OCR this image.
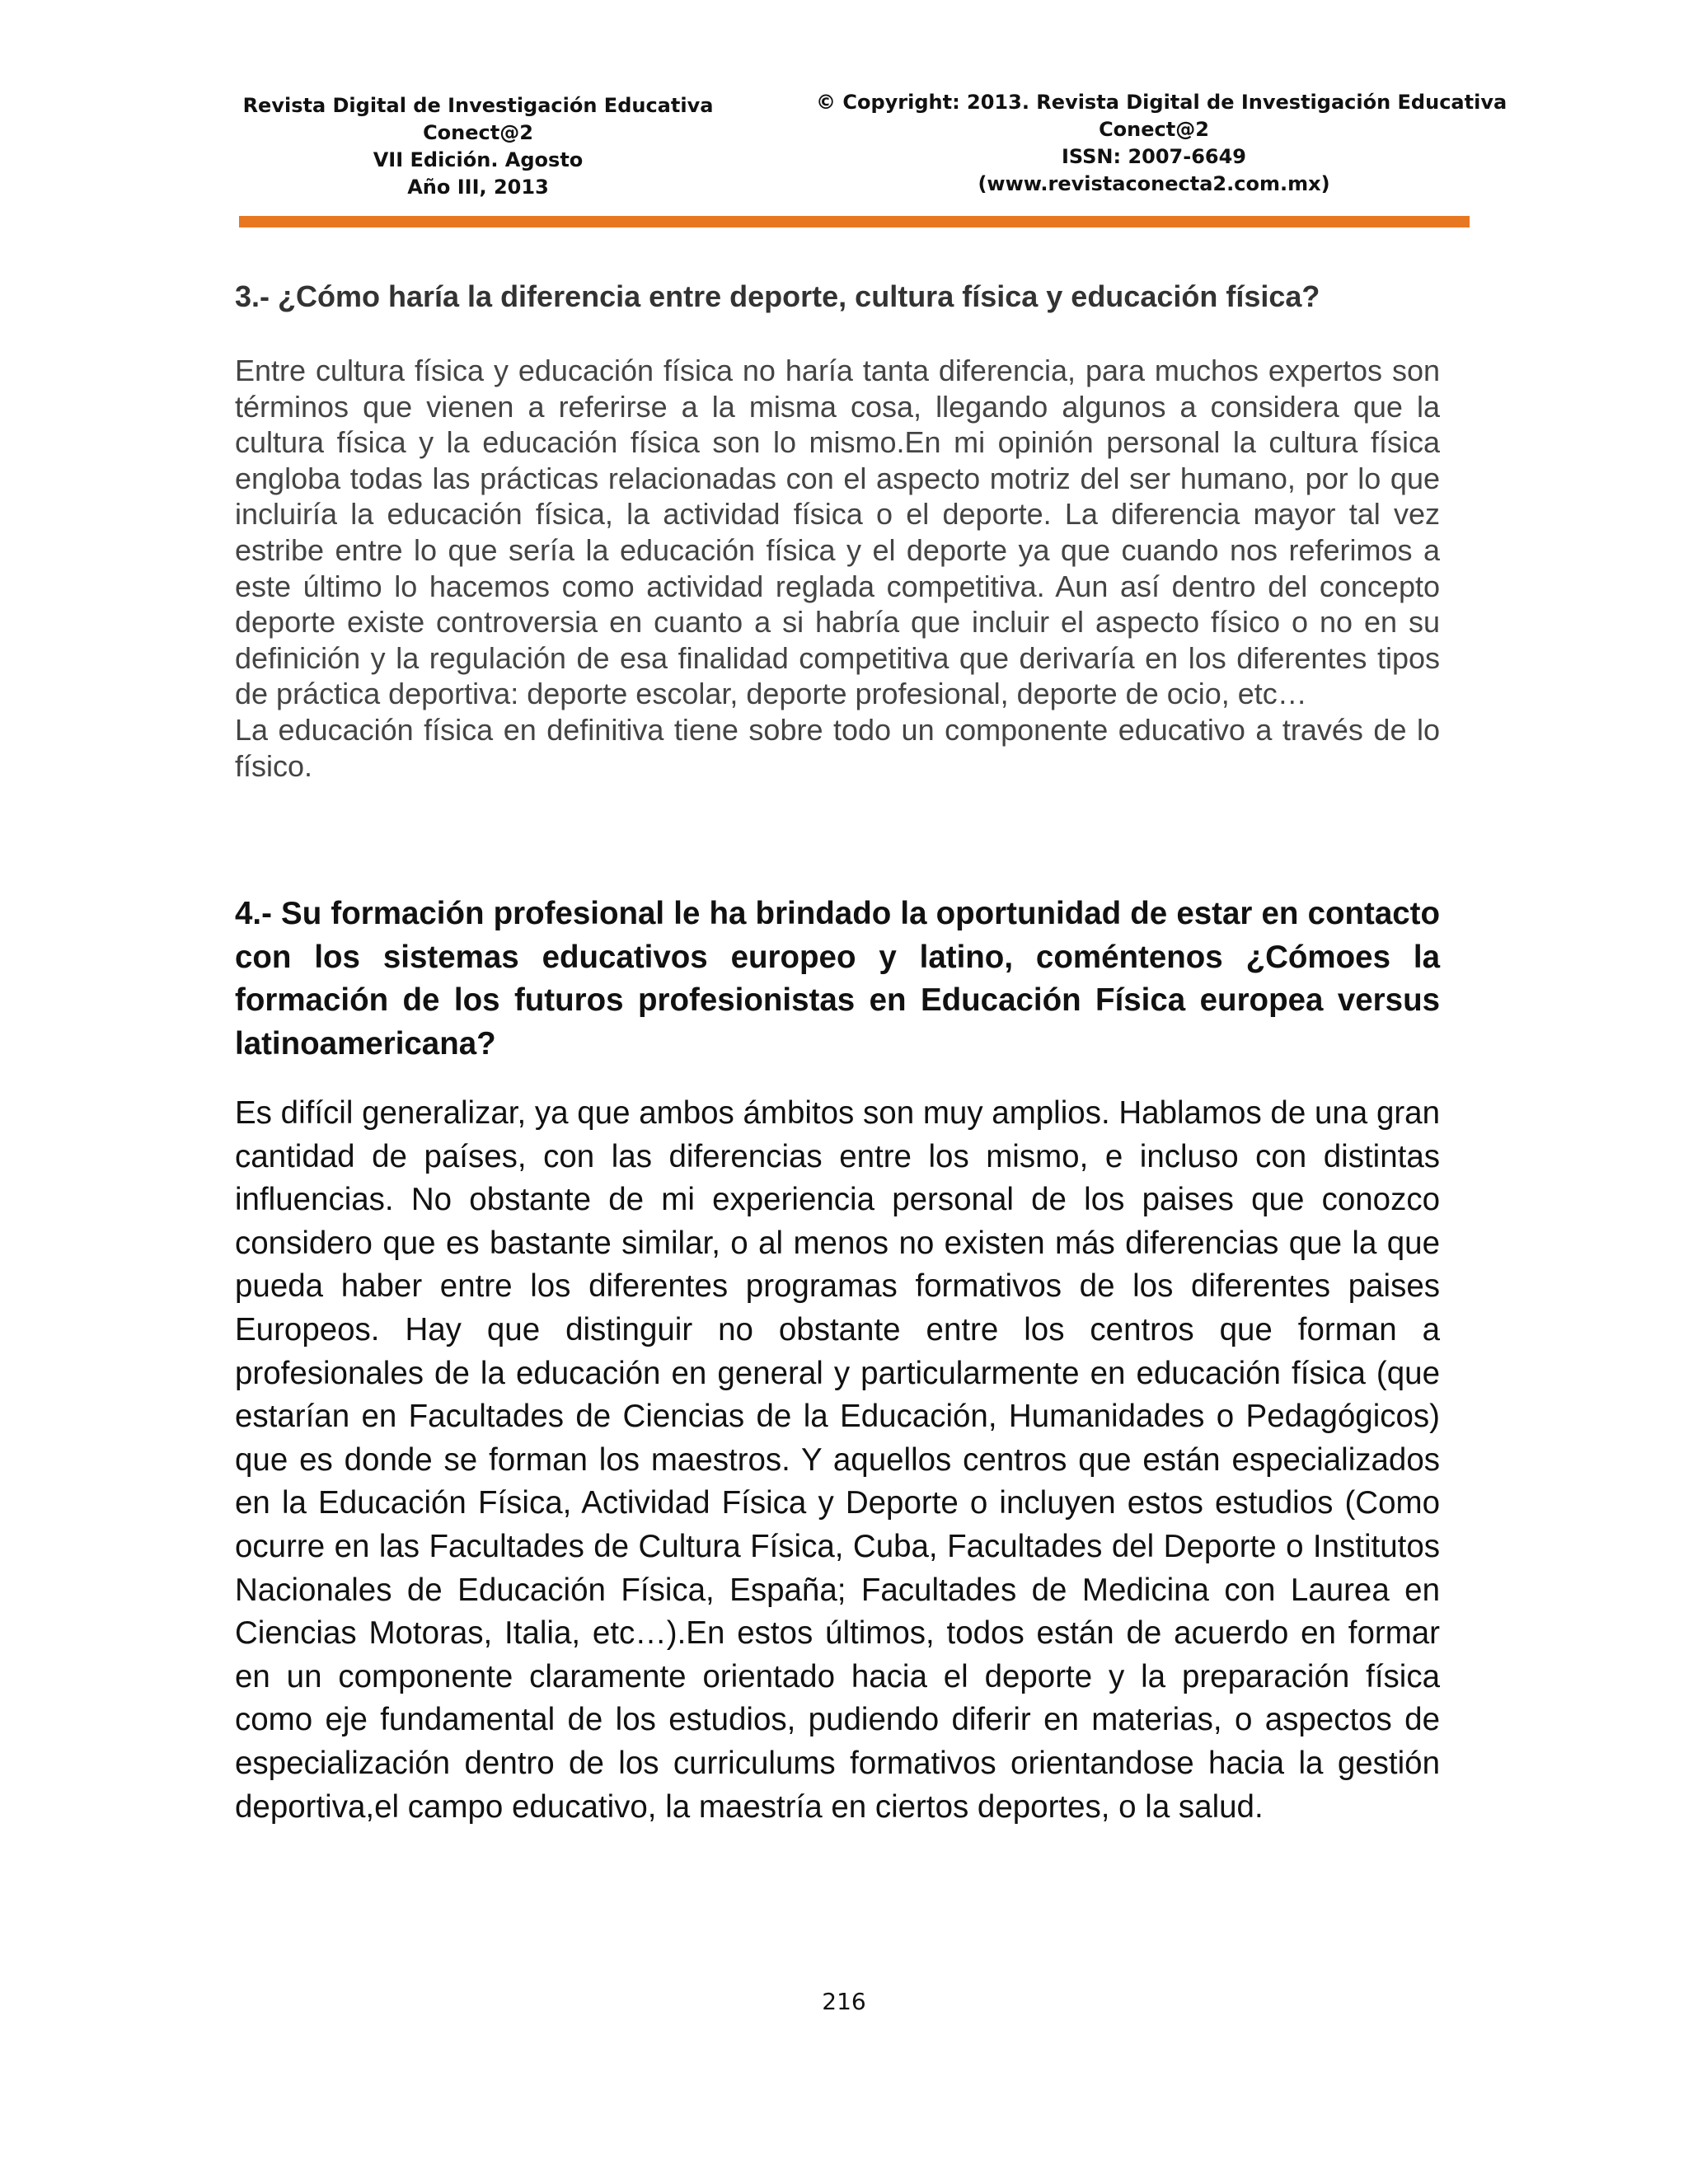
Revista Digital de Investigación Educativa
Conect@2
VII Edición. Agosto
Año III, 2013
© Copyright: 2013. Revista Digital de Investigación Educativa
Conect@2
ISSN: 2007-6649
(www.revistaconecta2.com.mx)
3.- ¿Cómo haría la diferencia entre deporte, cultura física y educación física?

Entre cultura física y educación física no haría tanta diferencia, para muchos expertos son términos que vienen a referirse a la misma cosa, llegando algunos a considera que la cultura física y la educación física son lo mismo.En mi opinión personal la cultura física engloba todas las prácticas relacionadas con el aspecto motriz del ser humano, por lo que incluiría la educación física, la actividad física o el deporte. La diferencia mayor tal vez estribe entre lo que sería la educación física y el deporte ya que cuando nos referimos a este último lo hacemos como actividad reglada competitiva. Aun así dentro del concepto deporte existe controversia en cuanto a si habría que incluir el aspecto físico o no en su definición y la regulación de esa finalidad competitiva que derivaría en los diferentes tipos de práctica deportiva: deporte escolar, deporte profesional, deporte de ocio, etc…

La educación física en definitiva tiene sobre todo un componente educativo a través de lo físico.

4.- Su formación profesional le ha brindado la oportunidad de estar en contacto con los sistemas educativos europeo y latino, coméntenos ¿Cómoes la formación de los futuros profesionistas en Educación Física europea versus latinoamericana?
Es difícil generalizar, ya que ambos ámbitos son muy amplios. Hablamos de una gran cantidad de países, con las diferencias entre los mismo, e incluso con distintas influencias. No obstante de mi experiencia personal de los paises que conozco considero que es bastante similar, o al menos no existen más diferencias que la que pueda haber entre los diferentes programas formativos de los diferentes paises Europeos. Hay que distinguir no obstante entre los centros que forman a profesionales de la educación en general y particularmente en educación física (que estarían en Facultades de Ciencias de la Educación, Humanidades o Pedagógicos) que es donde se forman los maestros. Y aquellos centros que están especializados en la Educación Física, Actividad Física y Deporte o incluyen estos estudios (Como ocurre en las Facultades de Cultura Física, Cuba, Facultades del Deporte o Institutos Nacionales de Educación Física, España; Facultades de Medicina con Laurea en Ciencias Motoras, Italia, etc…).En estos últimos, todos están de acuerdo en formar en un componente claramente orientado hacia el deporte y la preparación física como eje fundamental de los estudios, pudiendo diferir en materias, o aspectos de especialización dentro de los curriculums formativos orientandose hacia la gestión deportiva,el campo educativo, la maestría en ciertos deportes, o la salud.
216
